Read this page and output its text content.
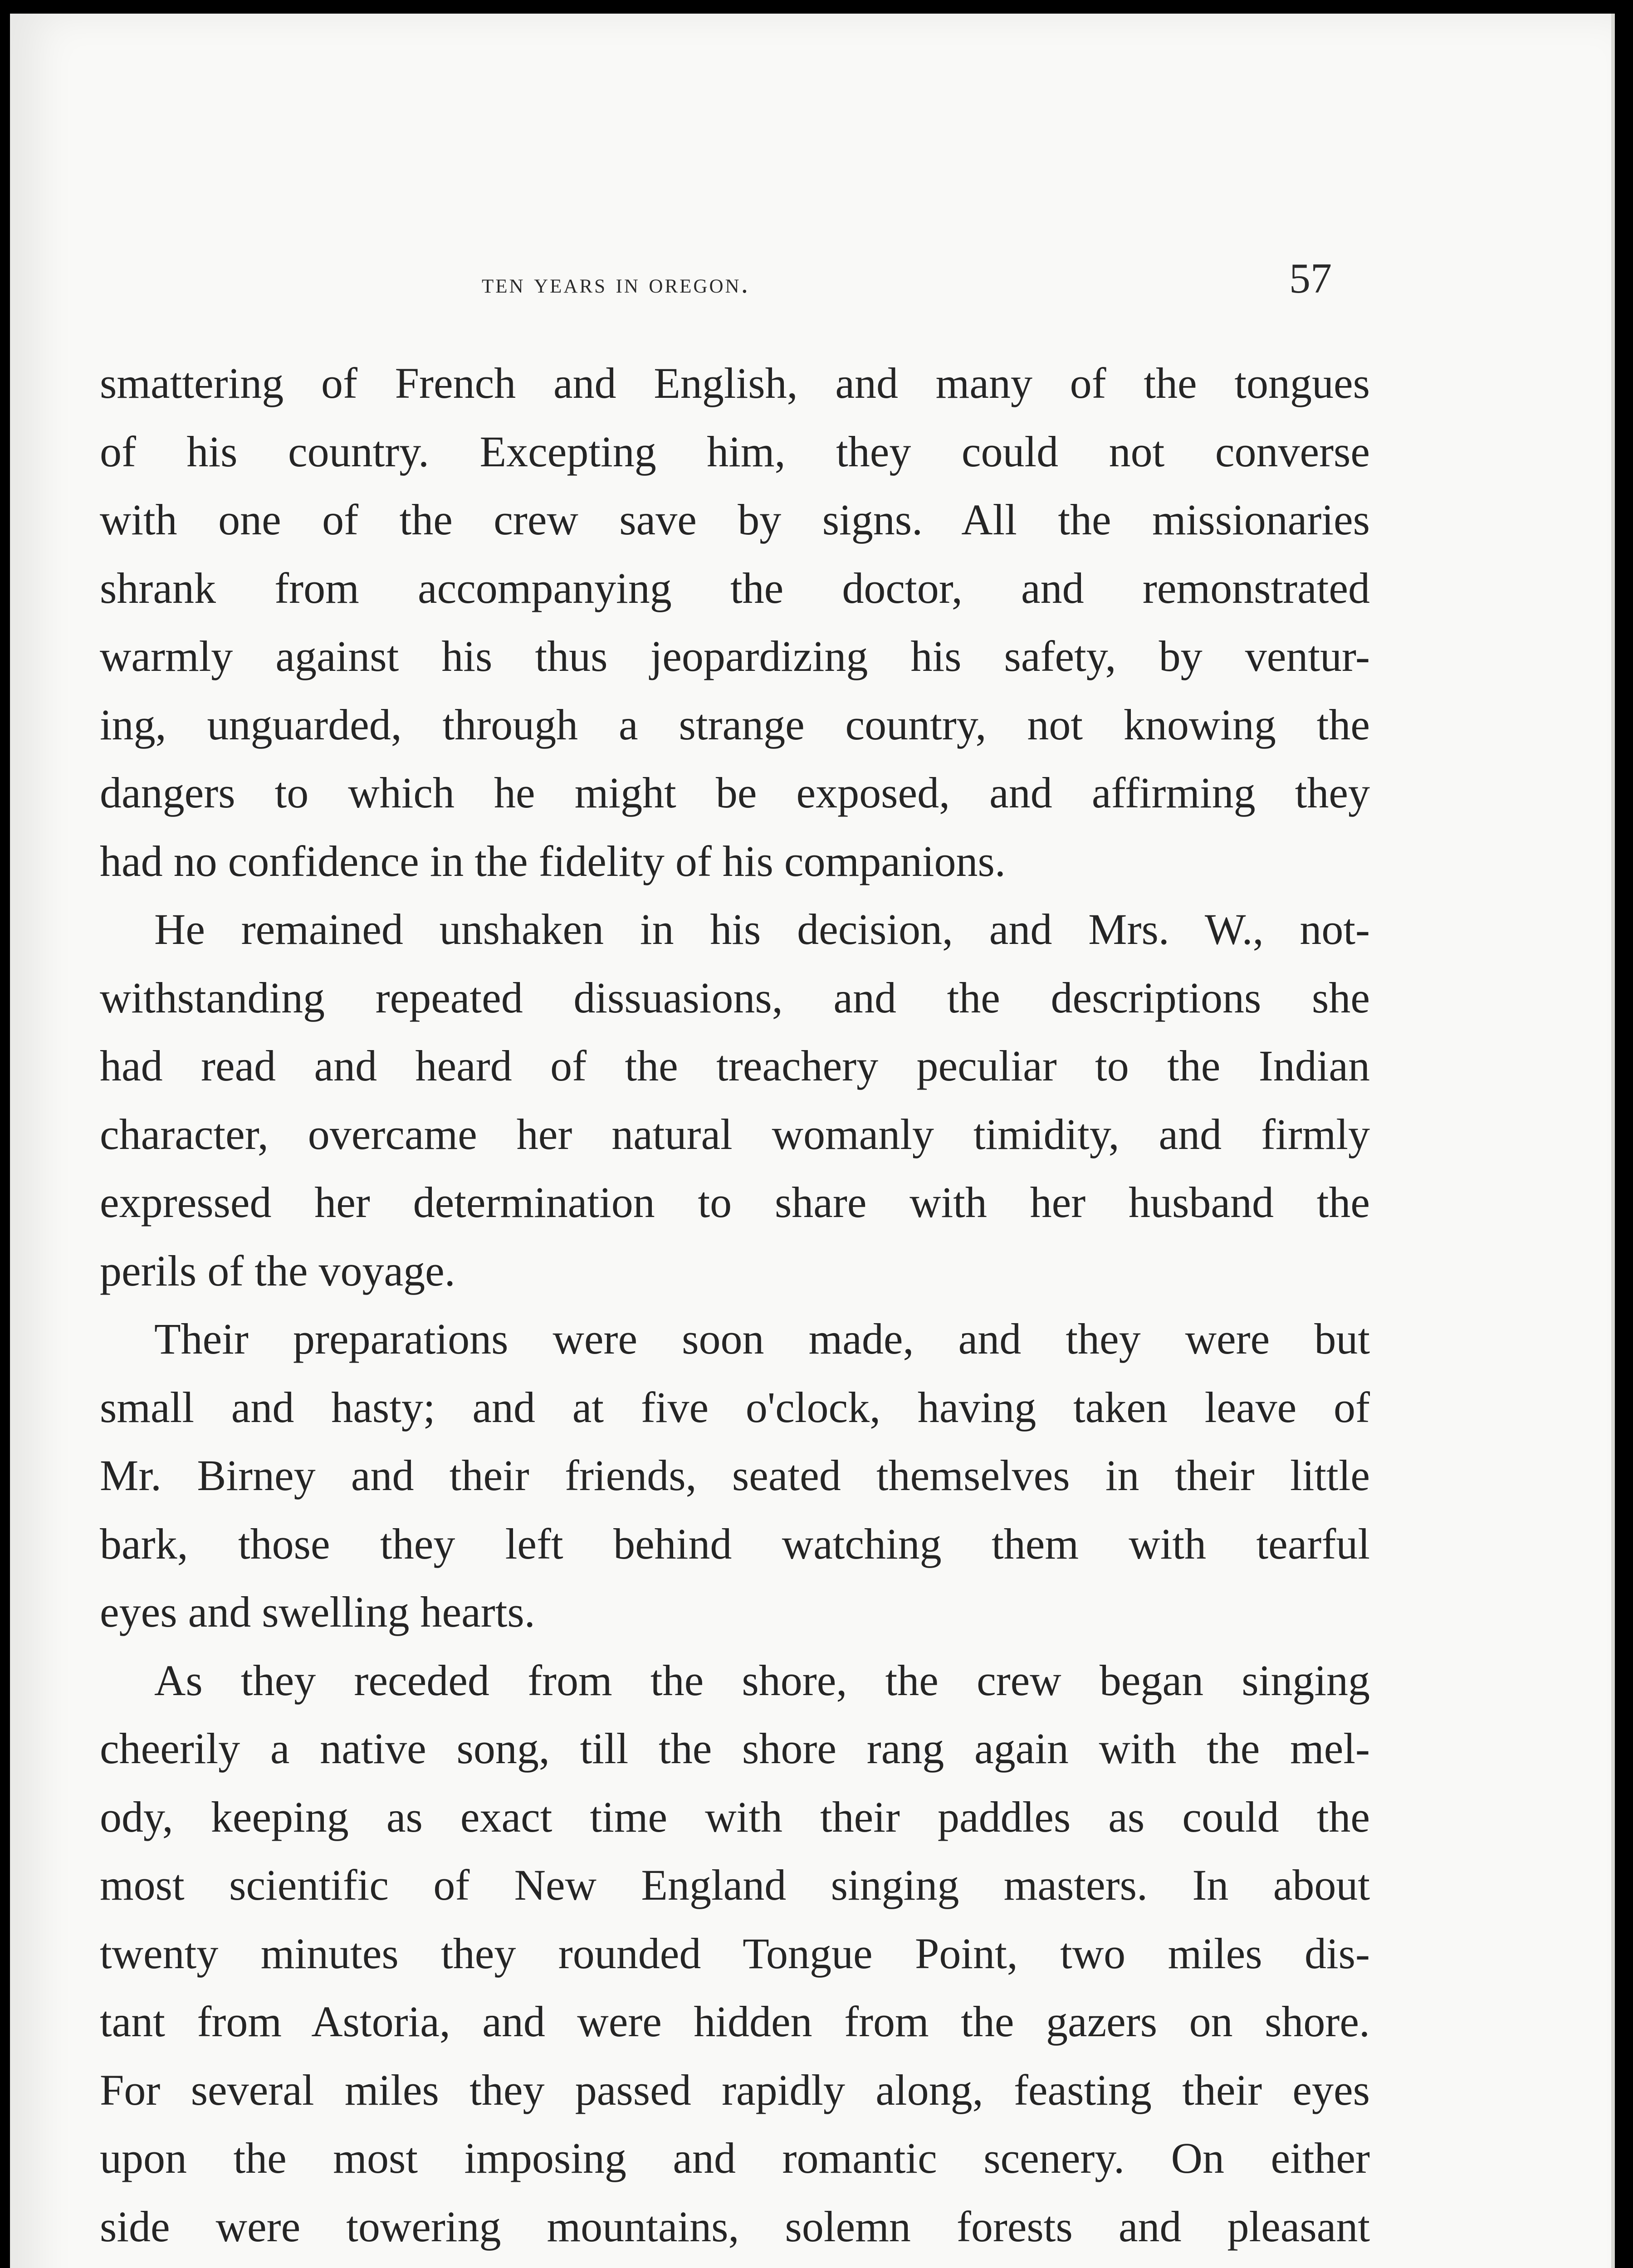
ten years in oregon.	57
smattering of French and English, and many of the tongues
of his country. Excepting him, they could not converse
with one of the crew save by signs. All the missionaries
shrank from accompanying the doctor, and remonstrated
warmly against his thus jeopardizing his safety, by ventur-
ing, unguarded, through a strange country, not knowing the
dangers to which he might be exposed, and affirming they
had no confidence in the fidelity of his companions.
He remained unshaken in his decision, and Mrs. W., not-
withstanding repeated dissuasions, and the descriptions she
had read and heard of the treachery peculiar to the Indian
character, overcame her natural womanly timidity, and firmly
expressed her determination to share with her husband the
perils of the voyage.
Their preparations were soon made, and they were but
small and hasty; and at five o'clock, having taken leave of
Mr. Birney and their friends, seated themselves in their little
bark, those they left behind watching them with tearful
eyes and swelling hearts.
As they receded from the shore, the crew began singing
cheerily a native song, till the shore rang again with the mel-
ody, keeping as exact time with their paddles as could the
most scientific of New England singing masters. In about
twenty minutes they rounded Tongue Point, two miles dis-
tant from Astoria, and were hidden from the gazers on shore.
For several miles they passed rapidly along, feasting their eyes
upon the most imposing and romantic scenery. On either
side were towering mountains, solemn forests and pleasant
